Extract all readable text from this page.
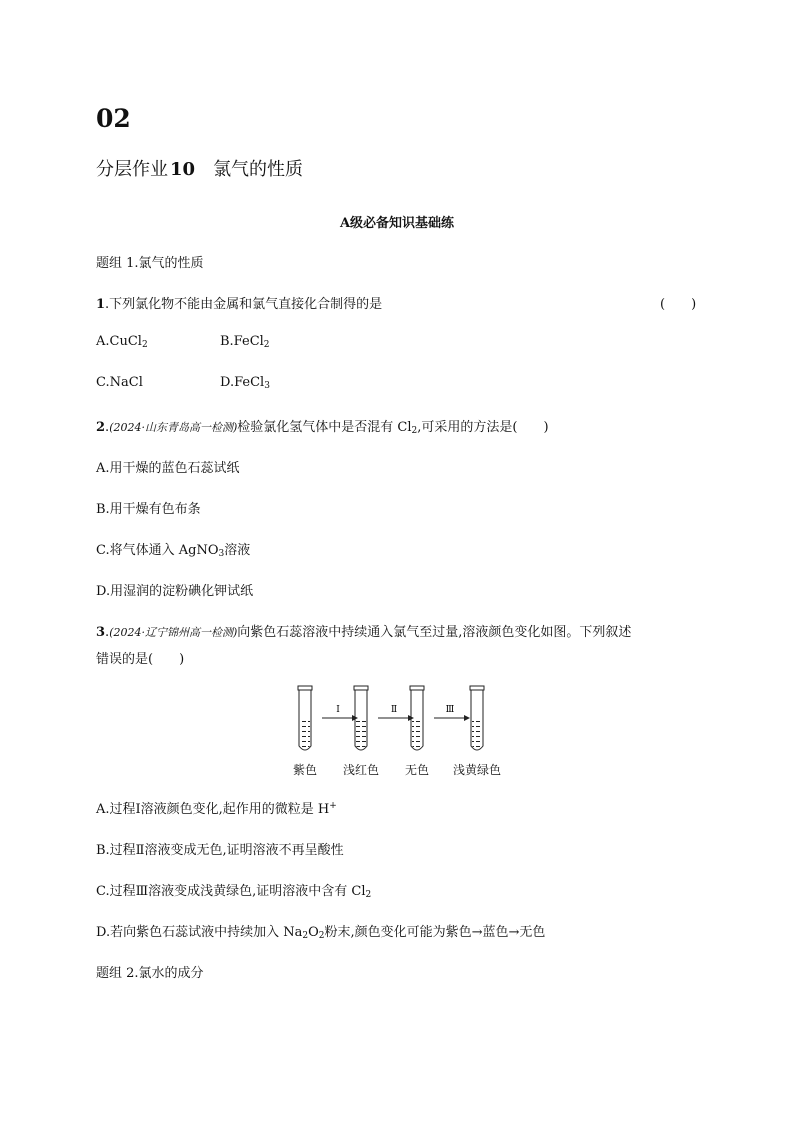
02
分层作业 10 氯气的性质
A级必备知识基础练
题组 1.氯气的性质
1.下列氯化物不能由金属和氯气直接化合制得的是	(　　)
A.CuCl$_2$	B.FeCl$_2$
C.NaCl	D.FeCl$_3$
2.(2024·山东青岛高一检测)检验氯化氢气体中是否混有 $Cl_2$,可采用的方法是(　　)
A.用干燥的蓝色石蕊试纸
B.用干燥有色布条
C.将气体通入 AgNO$_3$溶液
D.用湿润的淀粉碘化钾试纸
3.(2024·辽宁锦州高一检测)向紫色石蕊溶液中持续通入氯气至过量,溶液颜色变化如图。下列叙述
错误的是(　　)
Ⅰ	Ⅱ	Ⅲ
紫色	浅红色	无色	浅黄绿色
A.过程Ⅰ溶液颜色变化,起作用的微粒是 H+
B.过程Ⅱ溶液变成无色,证明溶液不再呈酸性
C.过程Ⅲ溶液变成浅黄绿色,证明溶液中含有 $Cl_2$
D.若向紫色石蕊试液中持续加入 $Na_2O_2$粉末,颜色变化可能为紫色→蓝色→无色
题组 2.氯水的成分
